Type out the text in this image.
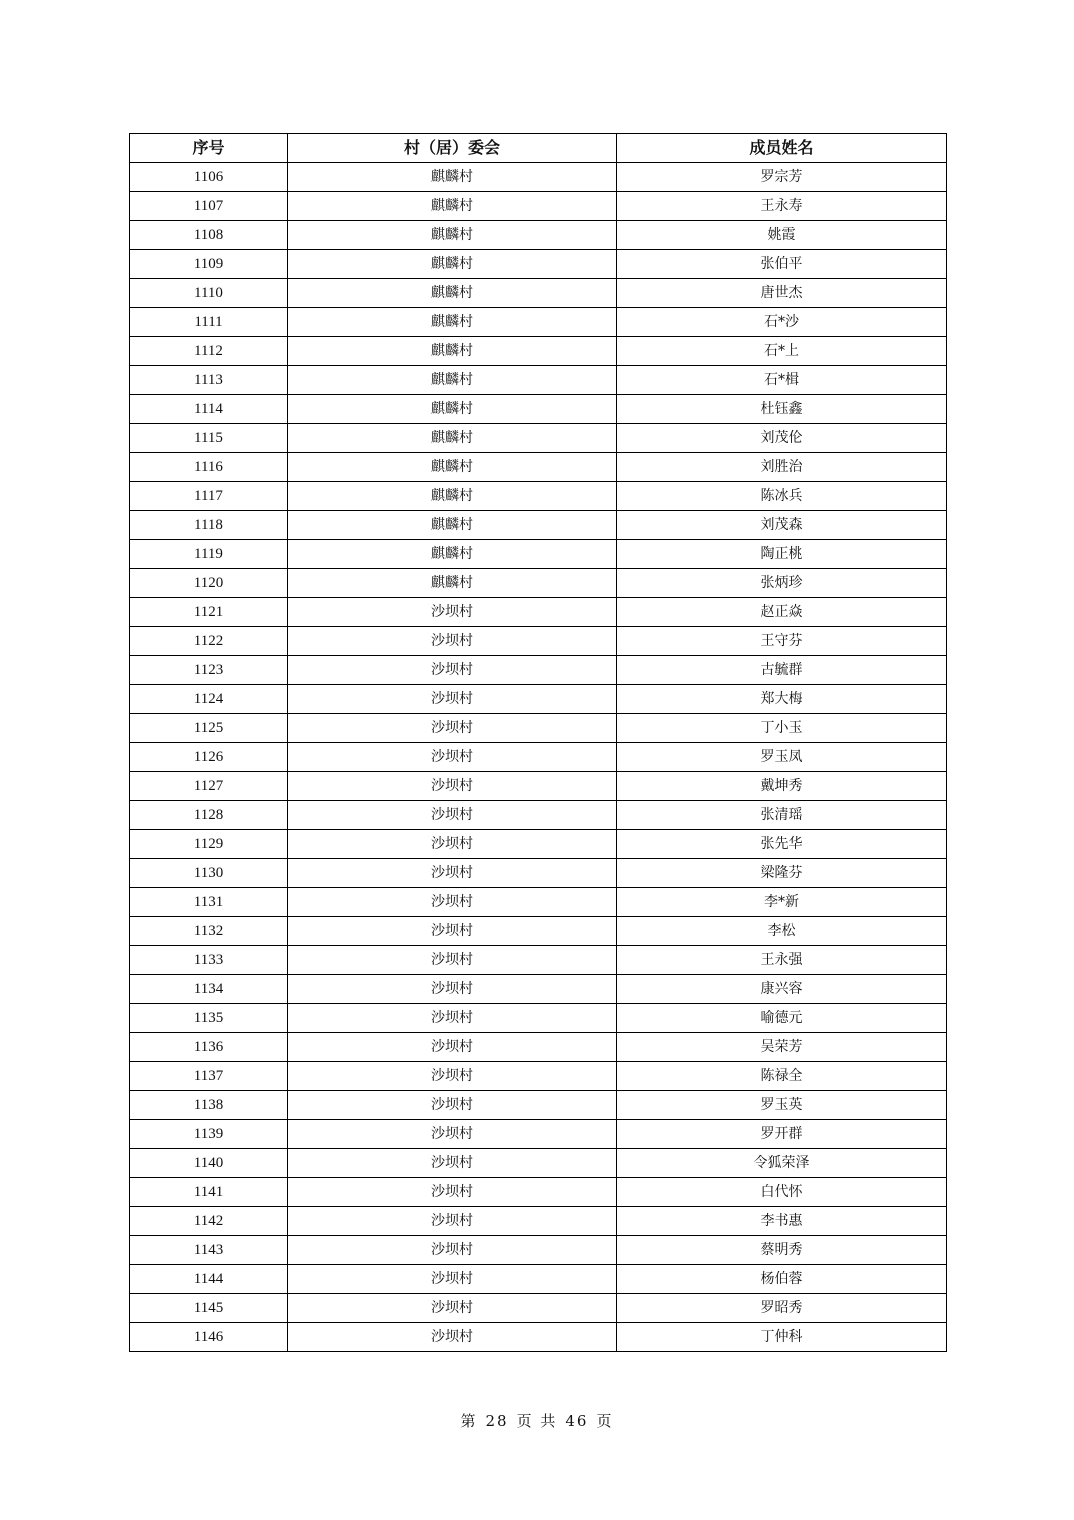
序号	村（居）委会	成员姓名
1106	麒麟村	罗宗芳
1107	麒麟村	王永寿
1108	麒麟村	姚霞
1109	麒麟村	张伯平
1110	麒麟村	唐世杰
1111	麒麟村	石*沙
1112	麒麟村	石*上
1113	麒麟村	石*楫
1114	麒麟村	杜钰鑫
1115	麒麟村	刘茂伦
1116	麒麟村	刘胜治
1117	麒麟村	陈冰兵
1118	麒麟村	刘茂森
1119	麒麟村	陶正桃
1120	麒麟村	张炳珍
1121	沙坝村	赵正焱
1122	沙坝村	王守芬
1123	沙坝村	古毓群
1124	沙坝村	郑大梅
1125	沙坝村	丁小玉
1126	沙坝村	罗玉凤
1127	沙坝村	戴坤秀
1128	沙坝村	张清瑶
1129	沙坝村	张先华
1130	沙坝村	梁隆芬
1131	沙坝村	李*新
1132	沙坝村	李松
1133	沙坝村	王永强
1134	沙坝村	康兴容
1135	沙坝村	喻德元
1136	沙坝村	吴荣芳
1137	沙坝村	陈禄全
1138	沙坝村	罗玉英
1139	沙坝村	罗开群
1140	沙坝村	令狐荣泽
1141	沙坝村	白代怀
1142	沙坝村	李书惠
1143	沙坝村	蔡明秀
1144	沙坝村	杨伯蓉
1145	沙坝村	罗昭秀
1146	沙坝村	丁仲科
第 28 页 共 46 页
